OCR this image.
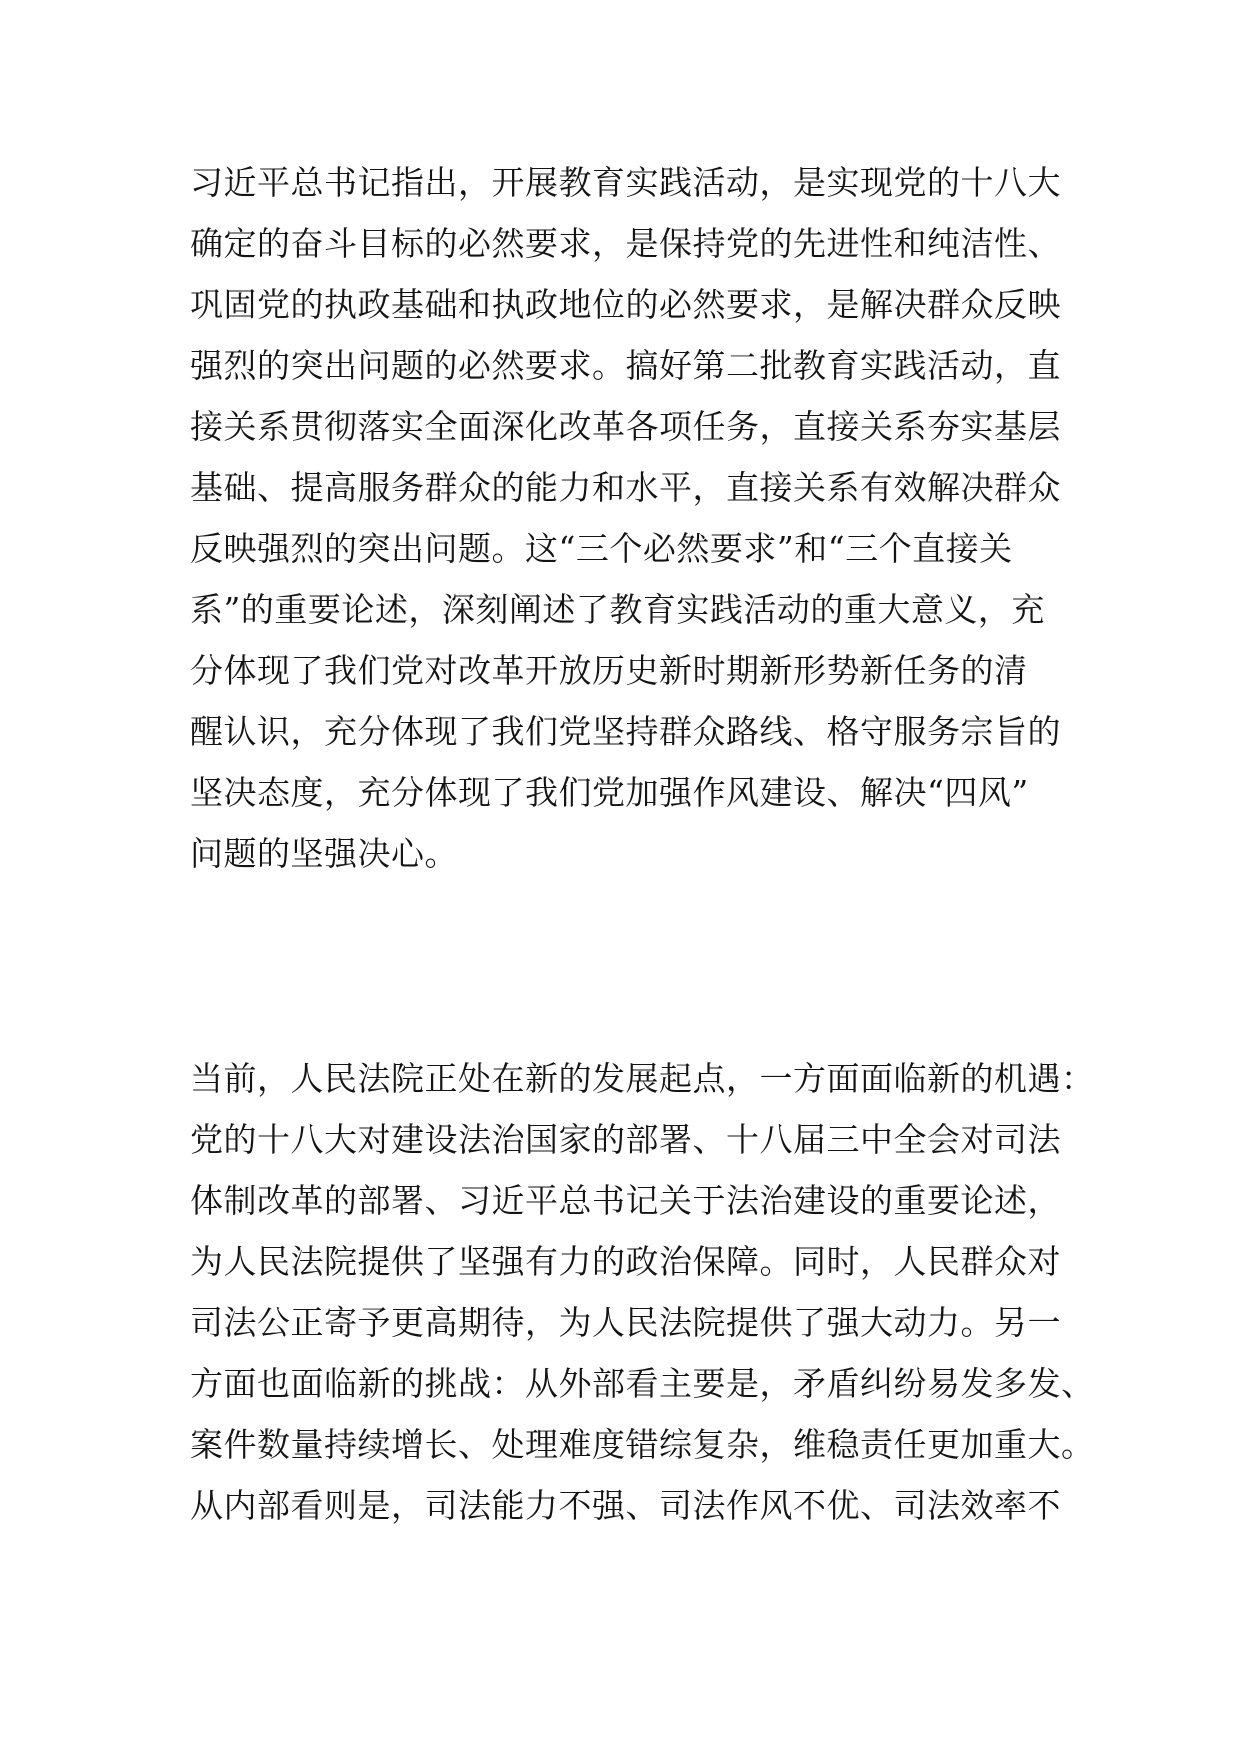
习近平总书记指出，开展教育实践活动，是实现党的十八大
确定的奋斗目标的必然要求，是保持党的先进性和纯洁性、
巩固党的执政基础和执政地位的必然要求，是解决群众反映
强烈的突出问题的必然要求。搞好第二批教育实践活动，直
接关系贯彻落实全面深化改革各项任务，直接关系夯实基层
基础、提高服务群众的能力和水平，直接关系有效解决群众
反映强烈的突出问题。这“三个必然要求”和“三个直接关
系”的重要论述，深刻阐述了教育实践活动的重大意义，充
分体现了我们党对改革开放历史新时期新形势新任务的清
醒认识，充分体现了我们党坚持群众路线、格守服务宗旨的
坚决态度，充分体现了我们党加强作风建设、解决“四风”
问题的坚强决心。

当前，人民法院正处在新的发展起点，一方面面临新的机遇：
党的十八大对建设法治国家的部署、十八届三中全会对司法
体制改革的部署、习近平总书记关于法治建设的重要论述，
为人民法院提供了坚强有力的政治保障。同时，人民群众对
司法公正寄予更高期待，为人民法院提供了强大动力。另一
方面也面临新的挑战：从外部看主要是，矛盾纠纷易发多发、
案件数量持续增长、处理难度错综复杂，维稳责任更加重大。
从内部看则是，司法能力不强、司法作风不优、司法效率不
